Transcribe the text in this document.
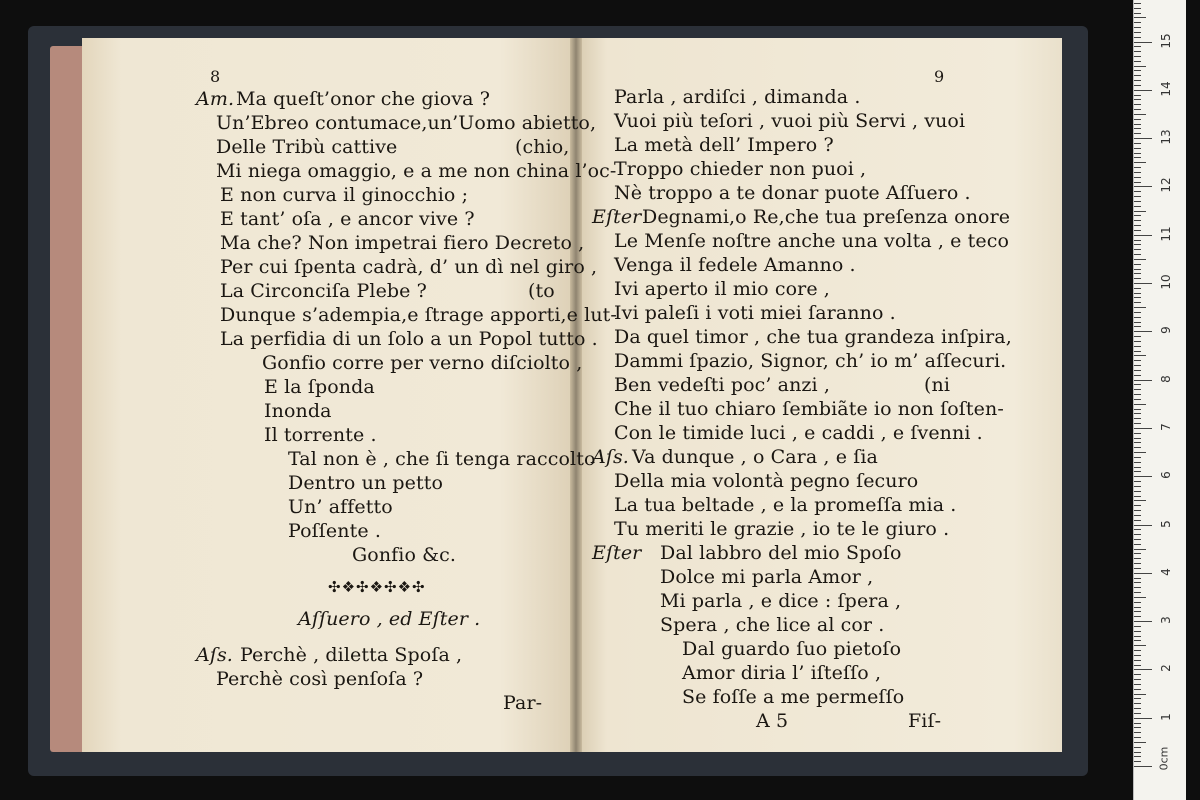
8
Am. Ma queſt’onor che giova ?
Un’Ebreo contumace,un’Uomo abietto,
Delle Tribù cattive	(chio,
Mi niega omaggio, e a me non china l’oc-
E non curva il ginocchio ;
E tant’ oſa , e ancor vive ?
Ma che? Non impetrai fiero Decreto ,
Per cui ſpenta cadrà, d’ un dì nel giro ,
La Circonciſa Plebe ?	(to
Dunque s’adempia,e ſtrage apporti,e lut-
La perfidia di un ſolo a un Popol tutto .
Gonfio corre per verno diſciolto ,
E la ſponda
Inonda
Il torrente .
Tal non è , che ſi tenga raccolto
Dentro un petto
Un’ affetto
Poſſente .
Gonfio &c.
✣❖✣❖✣❖✣
Aſſuero , ed Eſter .
Aſs. Perchè , diletta Spoſa ,
Perchè così penſoſa ?
Par-
9
Parla , ardiſci , dimanda .
Vuoi più teſori , vuoi più Servi , vuoi
La metà dell’ Impero ?
Troppo chieder non puoi ,
Nè troppo a te donar puote Aſſuero .
Eſter Degnami,o Re,che tua preſenza onore
Le Menſe noſtre anche una volta , e teco
Venga il fedele Amanno .
Ivi aperto il mio core ,
Ivi paleſi i voti miei ſaranno .
Da quel timor , che tua grandeza inſpira,
Dammi ſpazio, Signor, ch’ io m’ aſſecuri.
Ben vedeſti poc’ anzi ,	(ni
Che il tuo chiaro ſembiãte io non ſoſten-
Con le timide luci , e caddi , e ſvenni .
Aſs. Va dunque , o Cara , e ſia
Della mia volontà pegno ſecuro
La tua beltade , e la promeſſa mia .
Tu meriti le grazie , io te le giuro .
Eſter Dal labbro del mio Spoſo
Dolce mi parla Amor ,
Mi parla , e dice : ſpera ,
Spera , che lice al cor .
Dal guardo ſuo pietoſo
Amor diria l’ iſteſſo ,
Se foſſe a me permeſſo
A 5	Fiſ-
0cm
1
2
3
4
5
6
7
8
9
10
11
12
13
14
15
